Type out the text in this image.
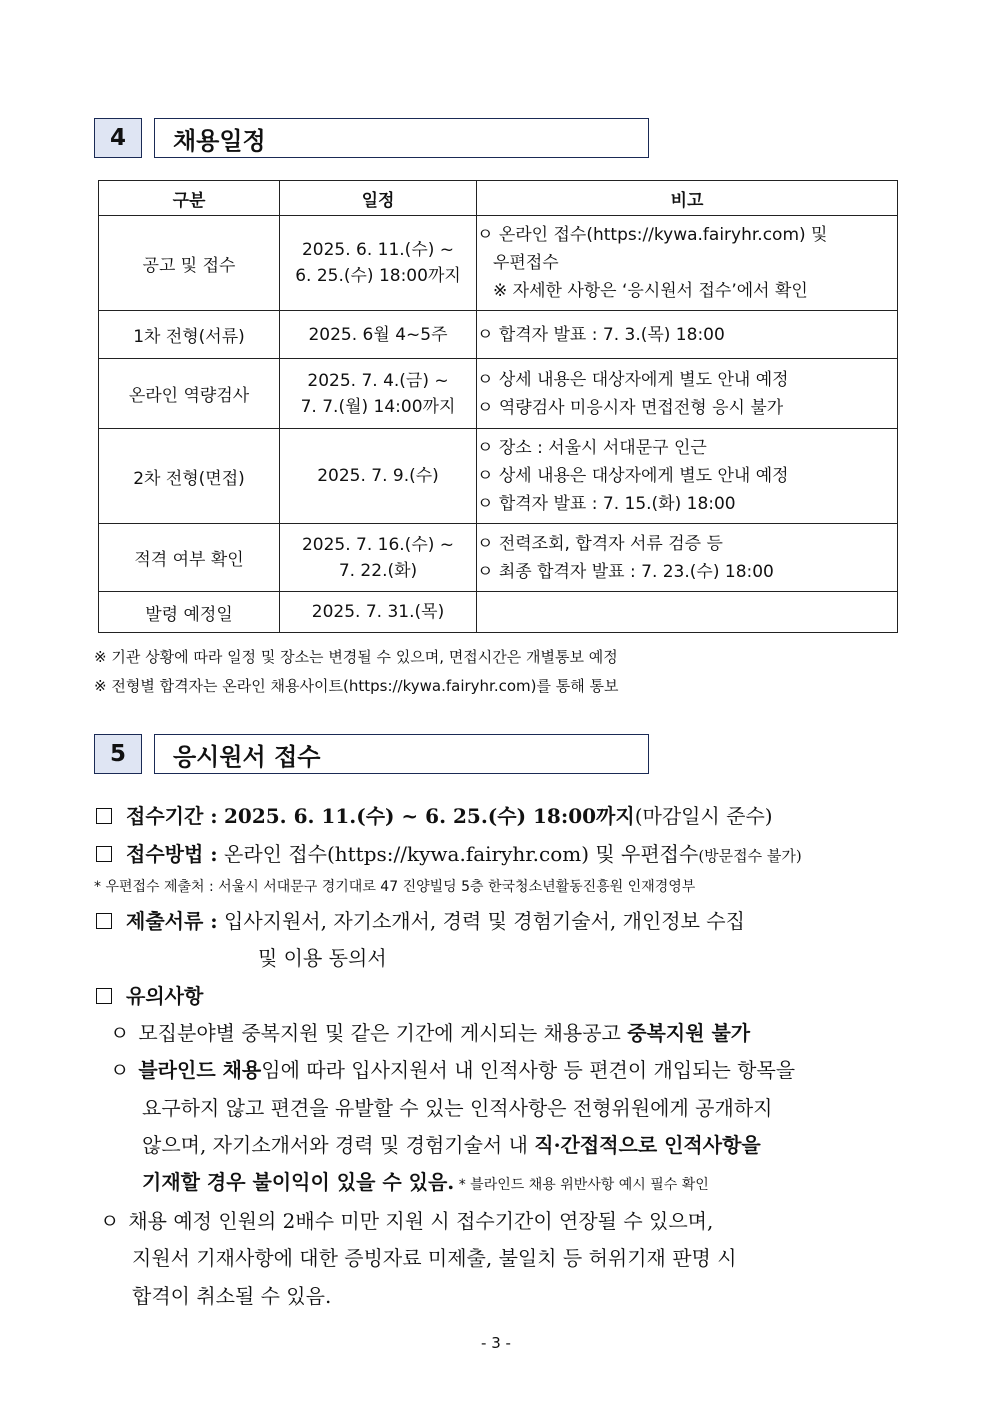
4	채용일정
구분	일정	비고
공고 및 접수	2025. 6. 11.(수) ~
6. 25.(수) 18:00까지	ㅇ 온라인 접수(https://kywa.fairyhr.com) 및
우편접수
※ 자세한 사항은 ‘응시원서 접수’에서 확인

1차 전형(서류)	2025. 6월 4~5주	ㅇ 합격자 발표 : 7. 3.(목) 18:00

온라인 역량검사	2025. 7. 4.(금) ~
7. 7.(월) 14:00까지	ㅇ 상세 내용은 대상자에게 별도 안내 예정
ㅇ 역량검사 미응시자 면접전형 응시 불가

2차 전형(면접)	2025. 7. 9.(수)	ㅇ 장소 : 서울시 서대문구 인근
ㅇ 상세 내용은 대상자에게 별도 안내 예정
ㅇ 합격자 발표 : 7. 15.(화) 18:00

적격 여부 확인	2025. 7. 16.(수) ~
7. 22.(화)	ㅇ 전력조회, 합격자 서류 검증 등
ㅇ 최종 합격자 발표 : 7. 23.(수) 18:00

발령 예정일	2025. 7. 31.(목)	
※ 기관 상황에 따라 일정 및 장소는 변경될 수 있으며, 면접시간은 개별통보 예정
※ 전형별 합격자는 온라인 채용사이트(https://kywa.fairyhr.com)를 통해 통보
5	응시원서 접수
접수기간 : 2025. 6. 11.(수) ~ 6. 25.(수) 18:00까지(마감일시 준수)
접수방법 : 온라인 접수(https://kywa.fairyhr.com) 및 우편접수(방문접수 불가)
* 우편접수 제출처 : 서울시 서대문구 경기대로 47 진양빌딩 5층 한국청소년활동진흥원 인재경영부
제출서류 : 입사지원서, 자기소개서, 경력 및 경험기술서, 개인정보 수집
및 이용 동의서
유의사항
ㅇ 모집분야별 중복지원 및 같은 기간에 게시되는 채용공고 중복지원 불가
ㅇ 블라인드 채용임에 따라 입사지원서 내 인적사항 등 편견이 개입되는 항목을
요구하지 않고 편견을 유발할 수 있는 인적사항은 전형위원에게 공개하지
않으며, 자기소개서와 경력 및 경험기술서 내 직·간접적으로 인적사항을
기재할 경우 불이익이 있을 수 있음. * 블라인드 채용 위반사항 예시 필수 확인
ㅇ 채용 예정 인원의 2배수 미만 지원 시 접수기간이 연장될 수 있으며,
지원서 기재사항에 대한 증빙자료 미제출, 불일치 등 허위기재 판명 시
합격이 취소될 수 있음.
- 3 -
